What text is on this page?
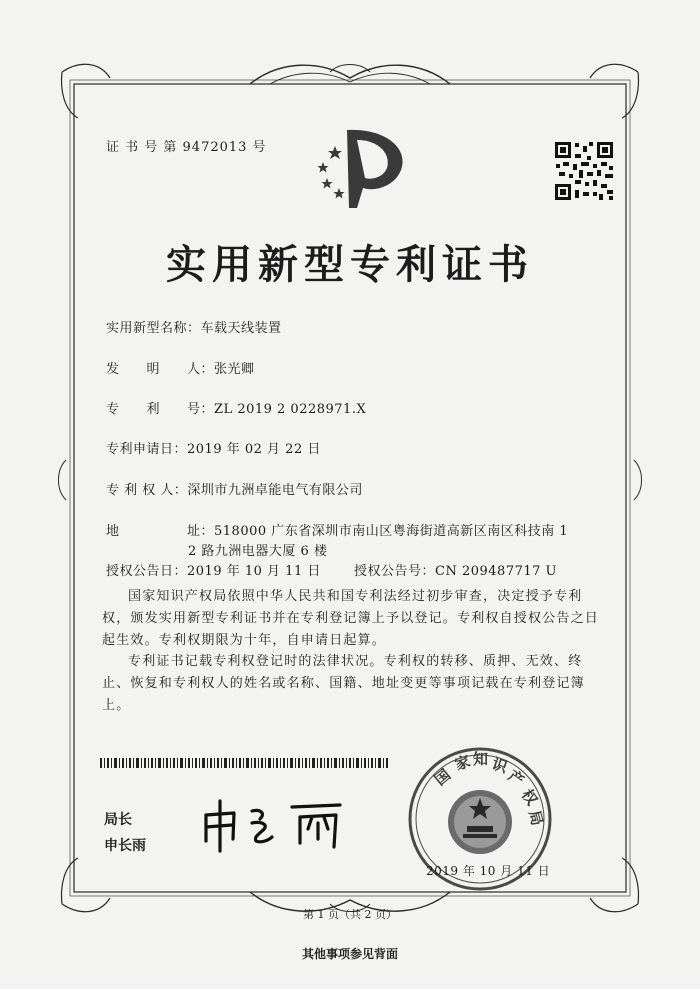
证 书 号 第 9472013 号
实用新型专利证书
实用新型名称：车载天线装置
发　　明　　人：张光卿
专　　利　　号：ZL 2019 2 0228971.X
专利申请日：2019 年 02 月 22 日
专 利 权 人：深圳市九洲卓能电气有限公司
地　　　　　址：518000 广东省深圳市南山区粤海街道高新区南区科技南 1
2 路九洲电器大厦 6 楼
授权公告日：2019 年 10 月 11 日	授权公告号：CN 209487717 U
国家知识产权局依照中华人民共和国专利法经过初步审查，决定授予专利权，颁发实用新型专利证书并在专利登记簿上予以登记。专利权自授权公告之日起生效。专利权期限为十年，自申请日起算。
专利证书记载专利权登记时的法律状况。专利权的转移、质押、无效、终止、恢复和专利权人的姓名或名称、国籍、地址变更等事项记载在专利登记簿上。
局长
申长雨
国
家 知 识
产
权
局
2019 年 10 月 11 日
第 1 页（共 2 页）
其他事项参见背面
